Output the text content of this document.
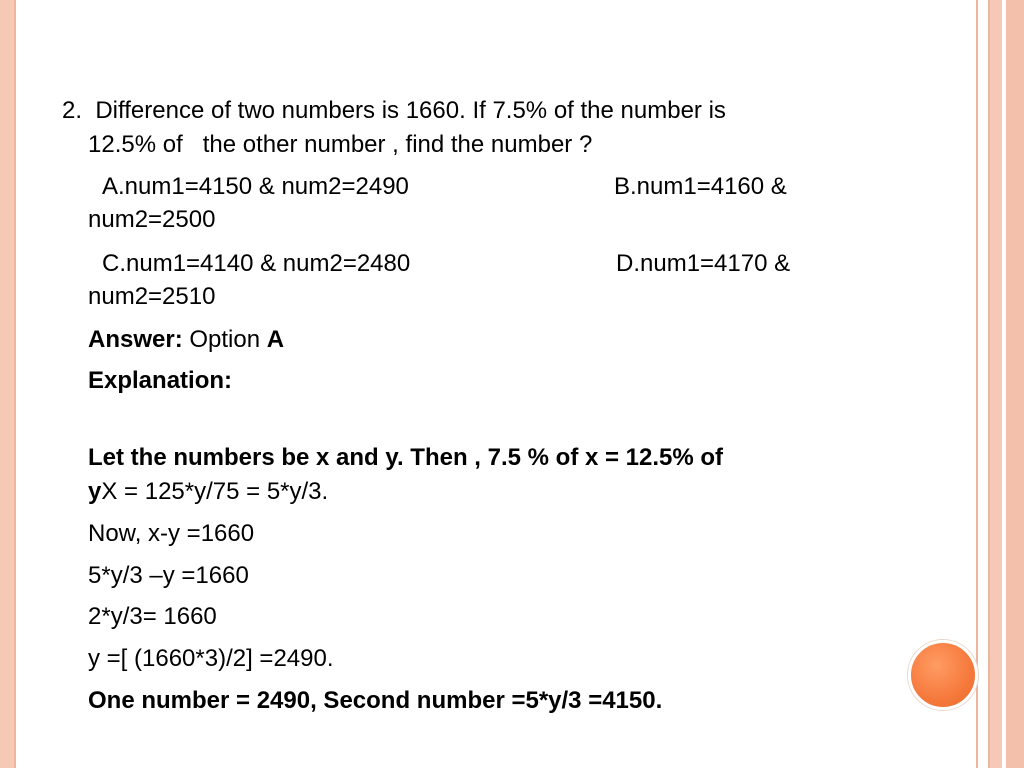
2.  Difference of two numbers is 1660. If 7.5% of the number is
12.5% of   the other number , find the number ?
A.num1=4150 & num2=2490	B.num1=4160 &
num2=2500
C.num1=4140 & num2=2480	D.num1=4170 &
num2=2510
Answer: Option A
Explanation:
Let the numbers be x and y. Then , 7.5 % of x = 12.5% of
yX = 125*y/75 = 5*y/3.
Now, x-y =1660
5*y/3 –y =1660
2*y/3= 1660
y =[ (1660*3)/2] =2490.
One number = 2490, Second number =5*y/3 =4150.
